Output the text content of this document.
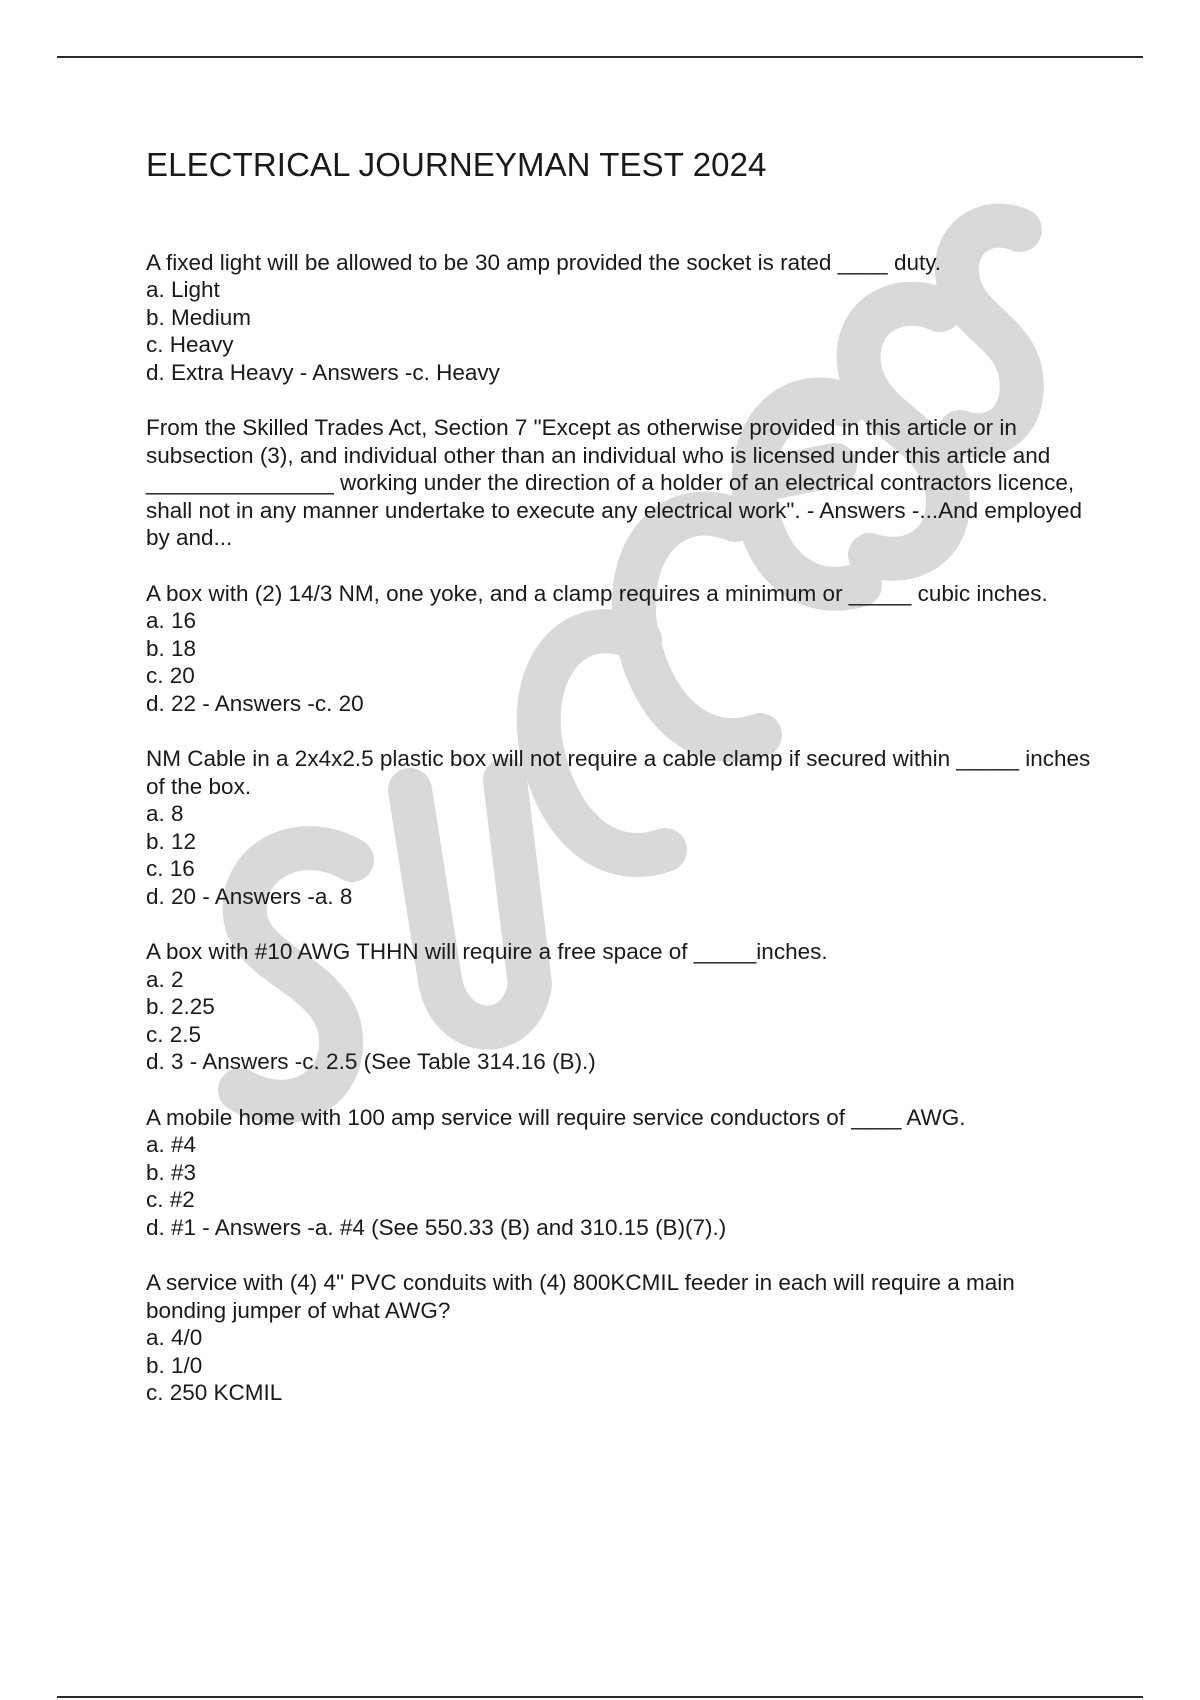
ELECTRICAL JOURNEYMAN TEST 2024

A fixed light will be allowed to be 30 amp provided the socket is rated ____ duty.

a. Light
b. Medium
c. Heavy
d. Extra Heavy - Answers -c. Heavy

From the Skilled Trades Act, Section 7 "Except as otherwise provided in this article or in subsection (3), and individual other than an individual who is licensed under this article and _______________ working under the direction of a holder of an electrical contractors licence, shall not in any manner undertake to execute any electrical work". - Answers -...And employed by and...

A box with (2) 14/3 NM, one yoke, and a clamp requires a minimum or _____ cubic inches.

a. 16
b. 18
c. 20
d. 22 - Answers -c. 20

NM Cable in a 2x4x2.5 plastic box will not require a cable clamp if secured within _____ inches of the box.

a. 8
b. 12
c. 16
d. 20 - Answers -a. 8

A box with #10 AWG THHN will require a free space of _____inches.

a. 2
b. 2.25
c. 2.5
d. 3 - Answers -c. 2.5 (See Table 314.16 (B).)

A mobile home with 100 amp service will require service conductors of ____ AWG.

a. #4
b. #3
c. #2
d. #1 - Answers -a. #4 (See 550.33 (B) and 310.15 (B)(7).)

A service with (4) 4" PVC conduits with (4) 800KCMIL feeder in each will require a main bonding jumper of what AWG?

a. 4/0
b. 1/0
c. 250 KCMIL
